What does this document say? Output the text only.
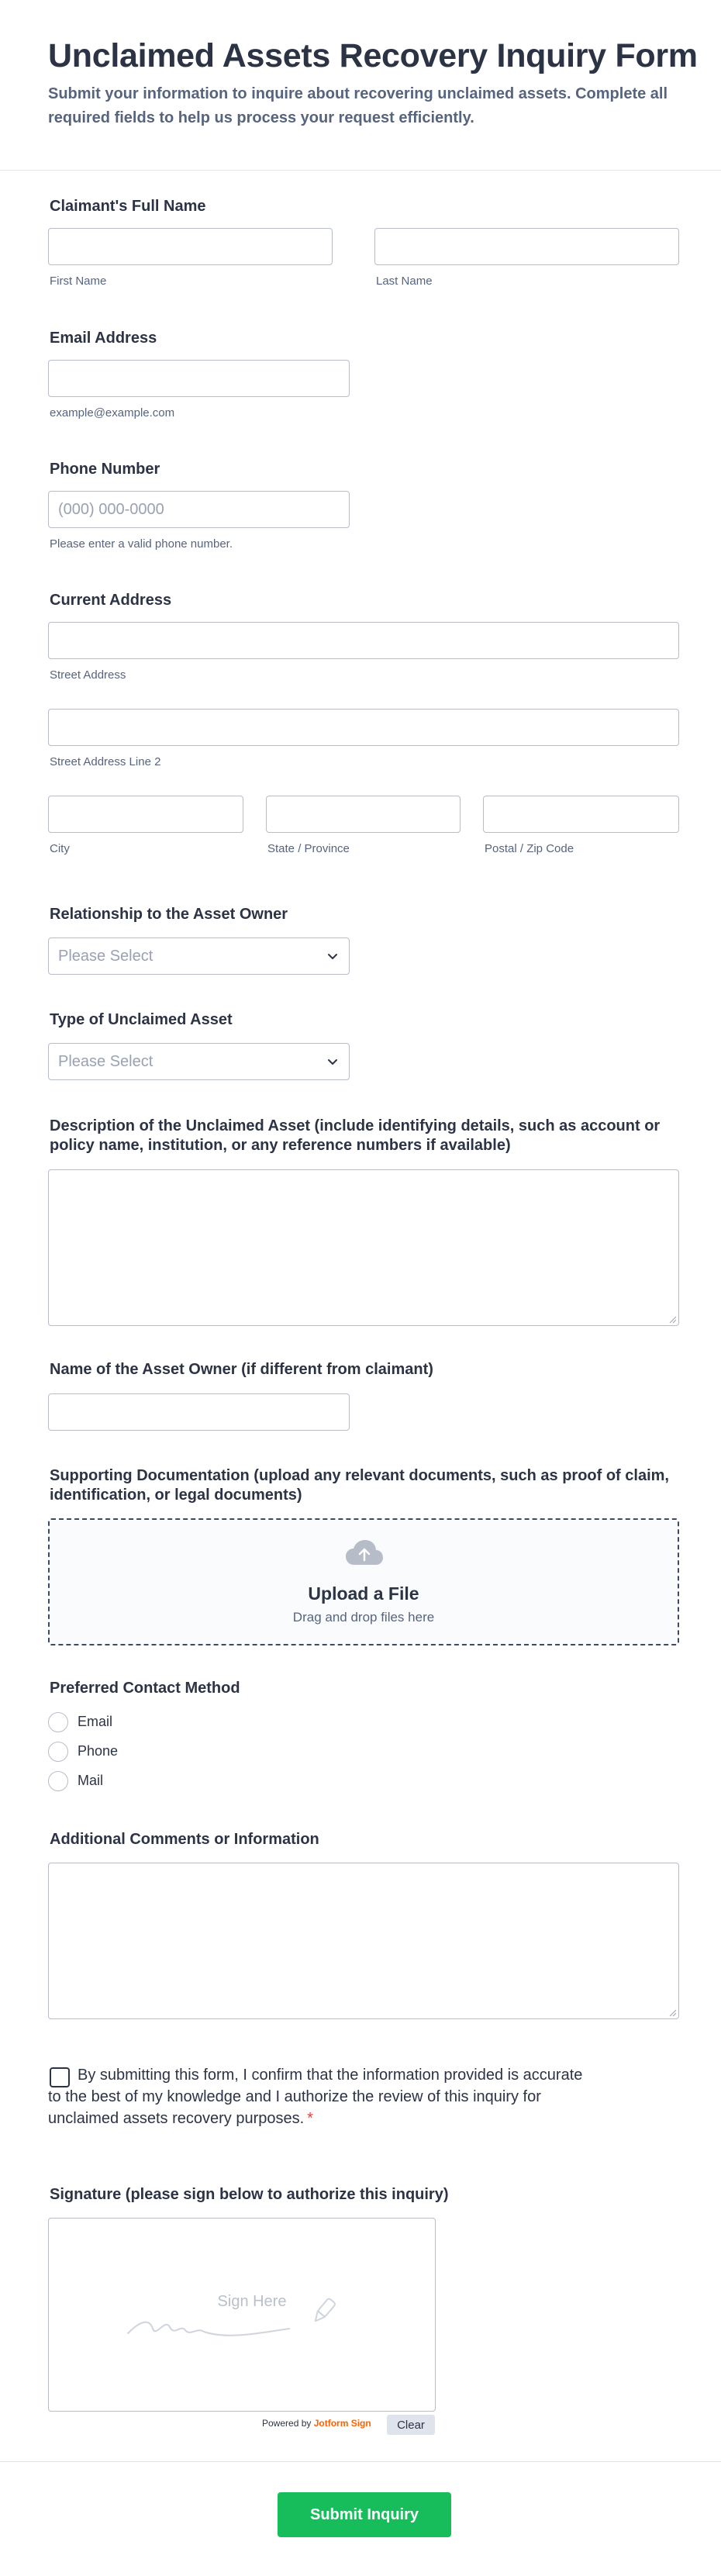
Unclaimed Assets Recovery Inquiry Form

Submit your information to inquire about recovering unclaimed assets. Complete all required fields to help us process your request efficiently.

Claimant's Full Name
First Name	Last Name
Email Address
example@example.com
Phone Number
(000) 000-0000
Please enter a valid phone number.
Current Address
Street Address
Street Address Line 2
City	State / Province	Postal / Zip Code
Relationship to the Asset Owner
Please Select
Type of Unclaimed Asset
Please Select
Description of the Unclaimed Asset (include identifying details, such as account or policy name, institution, or any reference numbers if available)
Name of the Asset Owner (if different from claimant)
Supporting Documentation (upload any relevant documents, such as proof of claim, identification, or legal documents)
Upload a File
Drag and drop files here
Preferred Contact Method
Email
Phone
Mail
Additional Comments or Information

By submitting this form, I confirm that the information provided is accurate to the best of my knowledge and I authorize the review of this inquiry for unclaimed assets recovery purposes. *

Signature (please sign below to authorize this inquiry)
Sign Here
Powered by Jotform Sign	Clear
Submit Inquiry
